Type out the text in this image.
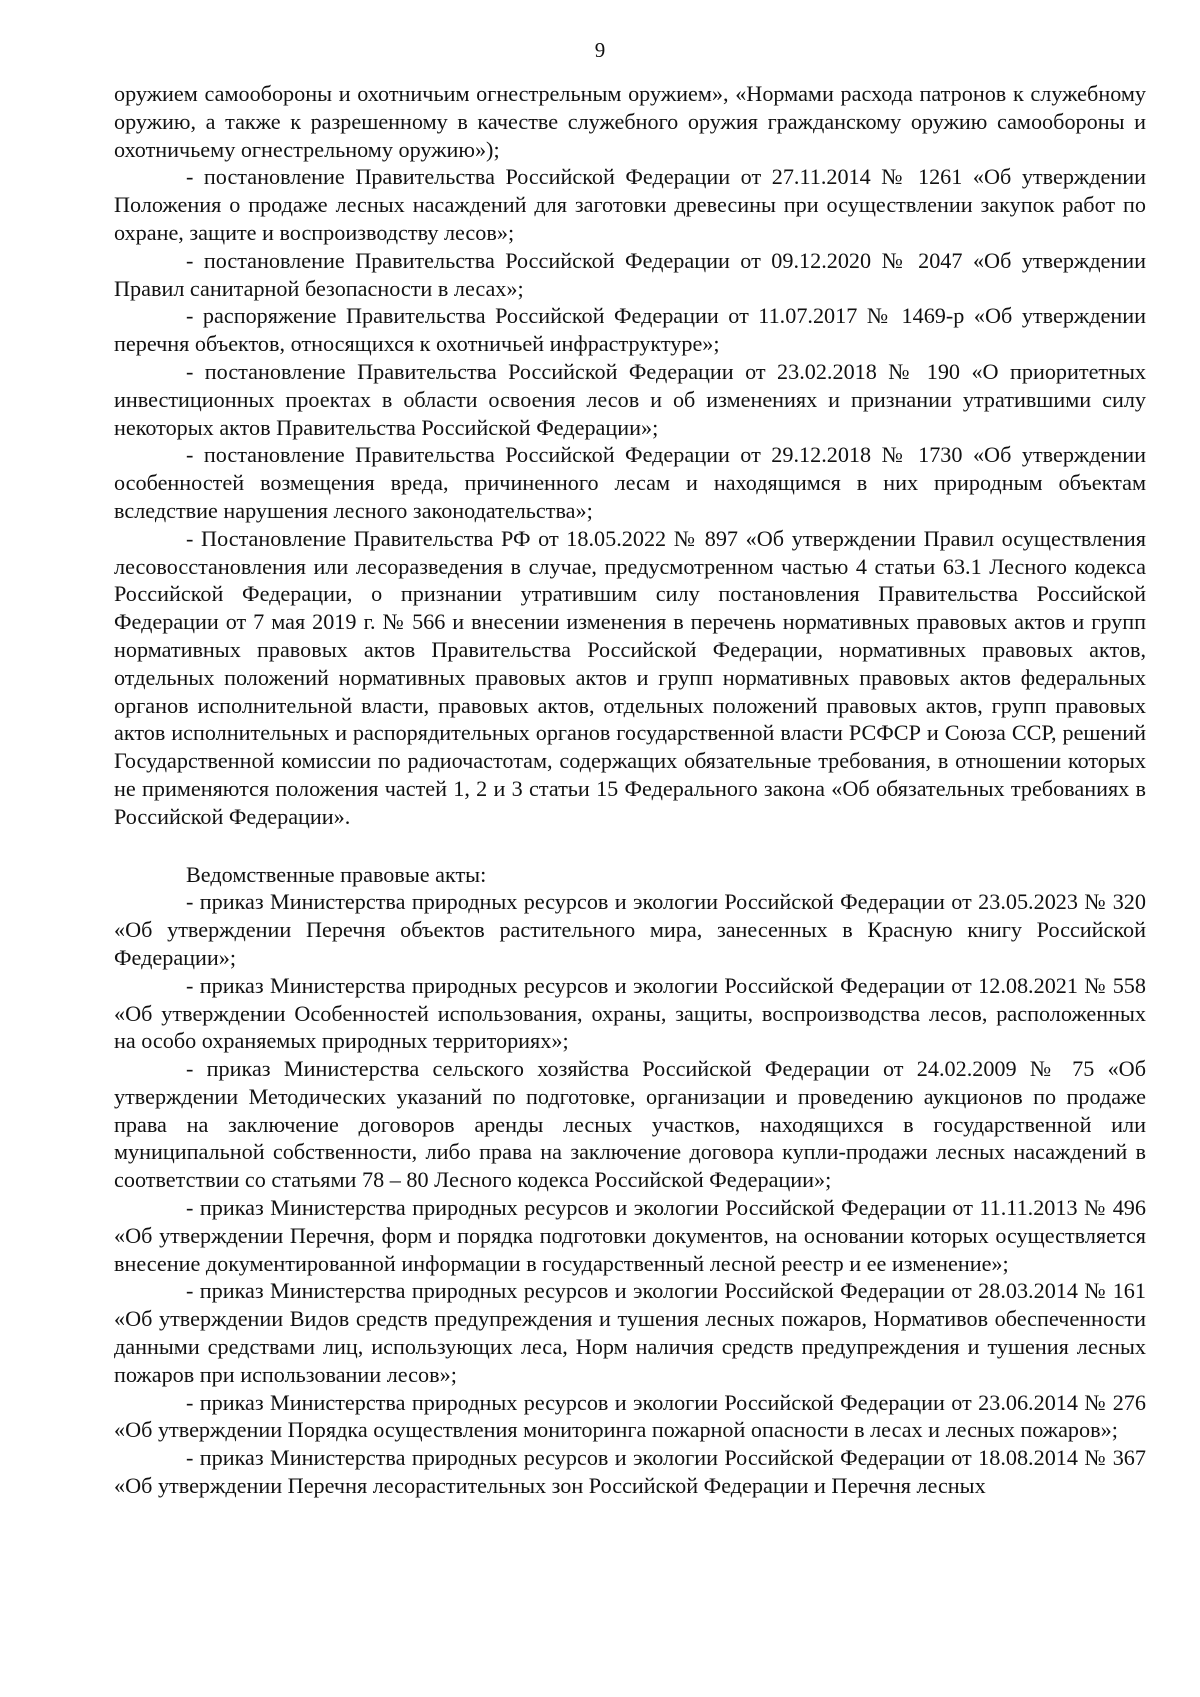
9

оружием самообороны и охотничьим огнестрельным оружием», «Нормами расхода патронов к служебному оружию, а также к разрешенному в качестве служебного оружия гражданскому оружию самообороны и охотничьему огнестрельному оружию»);

- постановление Правительства Российской Федерации от 27.11.2014 № 1261 «Об утверждении Положения о продаже лесных насаждений для заготовки древесины при осуществлении закупок работ по охране, защите и воспроизводству лесов»;

- постановление Правительства Российской Федерации от 09.12.2020 № 2047 «Об утверждении Правил санитарной безопасности в лесах»;

- распоряжение Правительства Российской Федерации от 11.07.2017 № 1469-р «Об утверждении перечня объектов, относящихся к охотничьей инфраструктуре»;

- постановление Правительства Российской Федерации от 23.02.2018 № 190 «О приоритетных инвестиционных проектах в области освоения лесов и об изменениях и признании утратившими силу некоторых актов Правительства Российской Федерации»;

- постановление Правительства Российской Федерации от 29.12.2018 № 1730 «Об утверждении особенностей возмещения вреда, причиненного лесам и находящимся в них природным объектам вследствие нарушения лесного законодательства»;

- Постановление Правительства РФ от 18.05.2022 № 897 «Об утверждении Правил осуществления лесовосстановления или лесоразведения в случае, предусмотренном частью 4 статьи 63.1 Лесного кодекса Российской Федерации, о признании утратившим силу постановления Правительства Российской Федерации от 7 мая 2019 г. № 566 и внесении изменения в перечень нормативных правовых актов и групп нормативных правовых актов Правительства Российской Федерации, нормативных правовых актов, отдельных положений нормативных правовых актов и групп нормативных правовых актов федеральных органов исполнительной власти, правовых актов, отдельных положений правовых актов, групп правовых актов исполнительных и распорядительных органов государственной власти РСФСР и Союза ССР, решений Государственной комиссии по радиочастотам, содержащих обязательные требования, в отношении которых не применяются положения частей 1, 2 и 3 статьи 15 Федерального закона «Об обязательных требованиях в Российской Федерации».

Ведомственные правовые акты:

- приказ Министерства природных ресурсов и экологии Российской Федерации от 23.05.2023 № 320 «Об утверждении Перечня объектов растительного мира, занесенных в Красную книгу Российской Федерации»;

- приказ Министерства природных ресурсов и экологии Российской Федерации от 12.08.2021 № 558 «Об утверждении Особенностей использования, охраны, защиты, воспроизводства лесов, расположенных на особо охраняемых природных территориях»;

- приказ Министерства сельского хозяйства Российской Федерации от 24.02.2009 № 75 «Об утверждении Методических указаний по подготовке, организации и проведению аукционов по продаже права на заключение договоров аренды лесных участков, находящихся в государственной или муниципальной собственности, либо права на заключение договора купли-продажи лесных насаждений в соответствии со статьями 78 – 80 Лесного кодекса Российской Федерации»;

- приказ Министерства природных ресурсов и экологии Российской Федерации от 11.11.2013 № 496 «Об утверждении Перечня, форм и порядка подготовки документов, на основании которых осуществляется внесение документированной информации в государственный лесной реестр и ее изменение»;

- приказ Министерства природных ресурсов и экологии Российской Федерации от 28.03.2014 № 161 «Об утверждении Видов средств предупреждения и тушения лесных пожаров, Нормативов обеспеченности данными средствами лиц, использующих леса, Норм наличия средств предупреждения и тушения лесных пожаров при использовании лесов»;

- приказ Министерства природных ресурсов и экологии Российской Федерации от 23.06.2014 № 276 «Об утверждении Порядка осуществления мониторинга пожарной опасности в лесах и лесных пожаров»;

- приказ Министерства природных ресурсов и экологии Российской Федерации от 18.08.2014 № 367 «Об утверждении Перечня лесорастительных зон Российской Федерации и Перечня лесных
